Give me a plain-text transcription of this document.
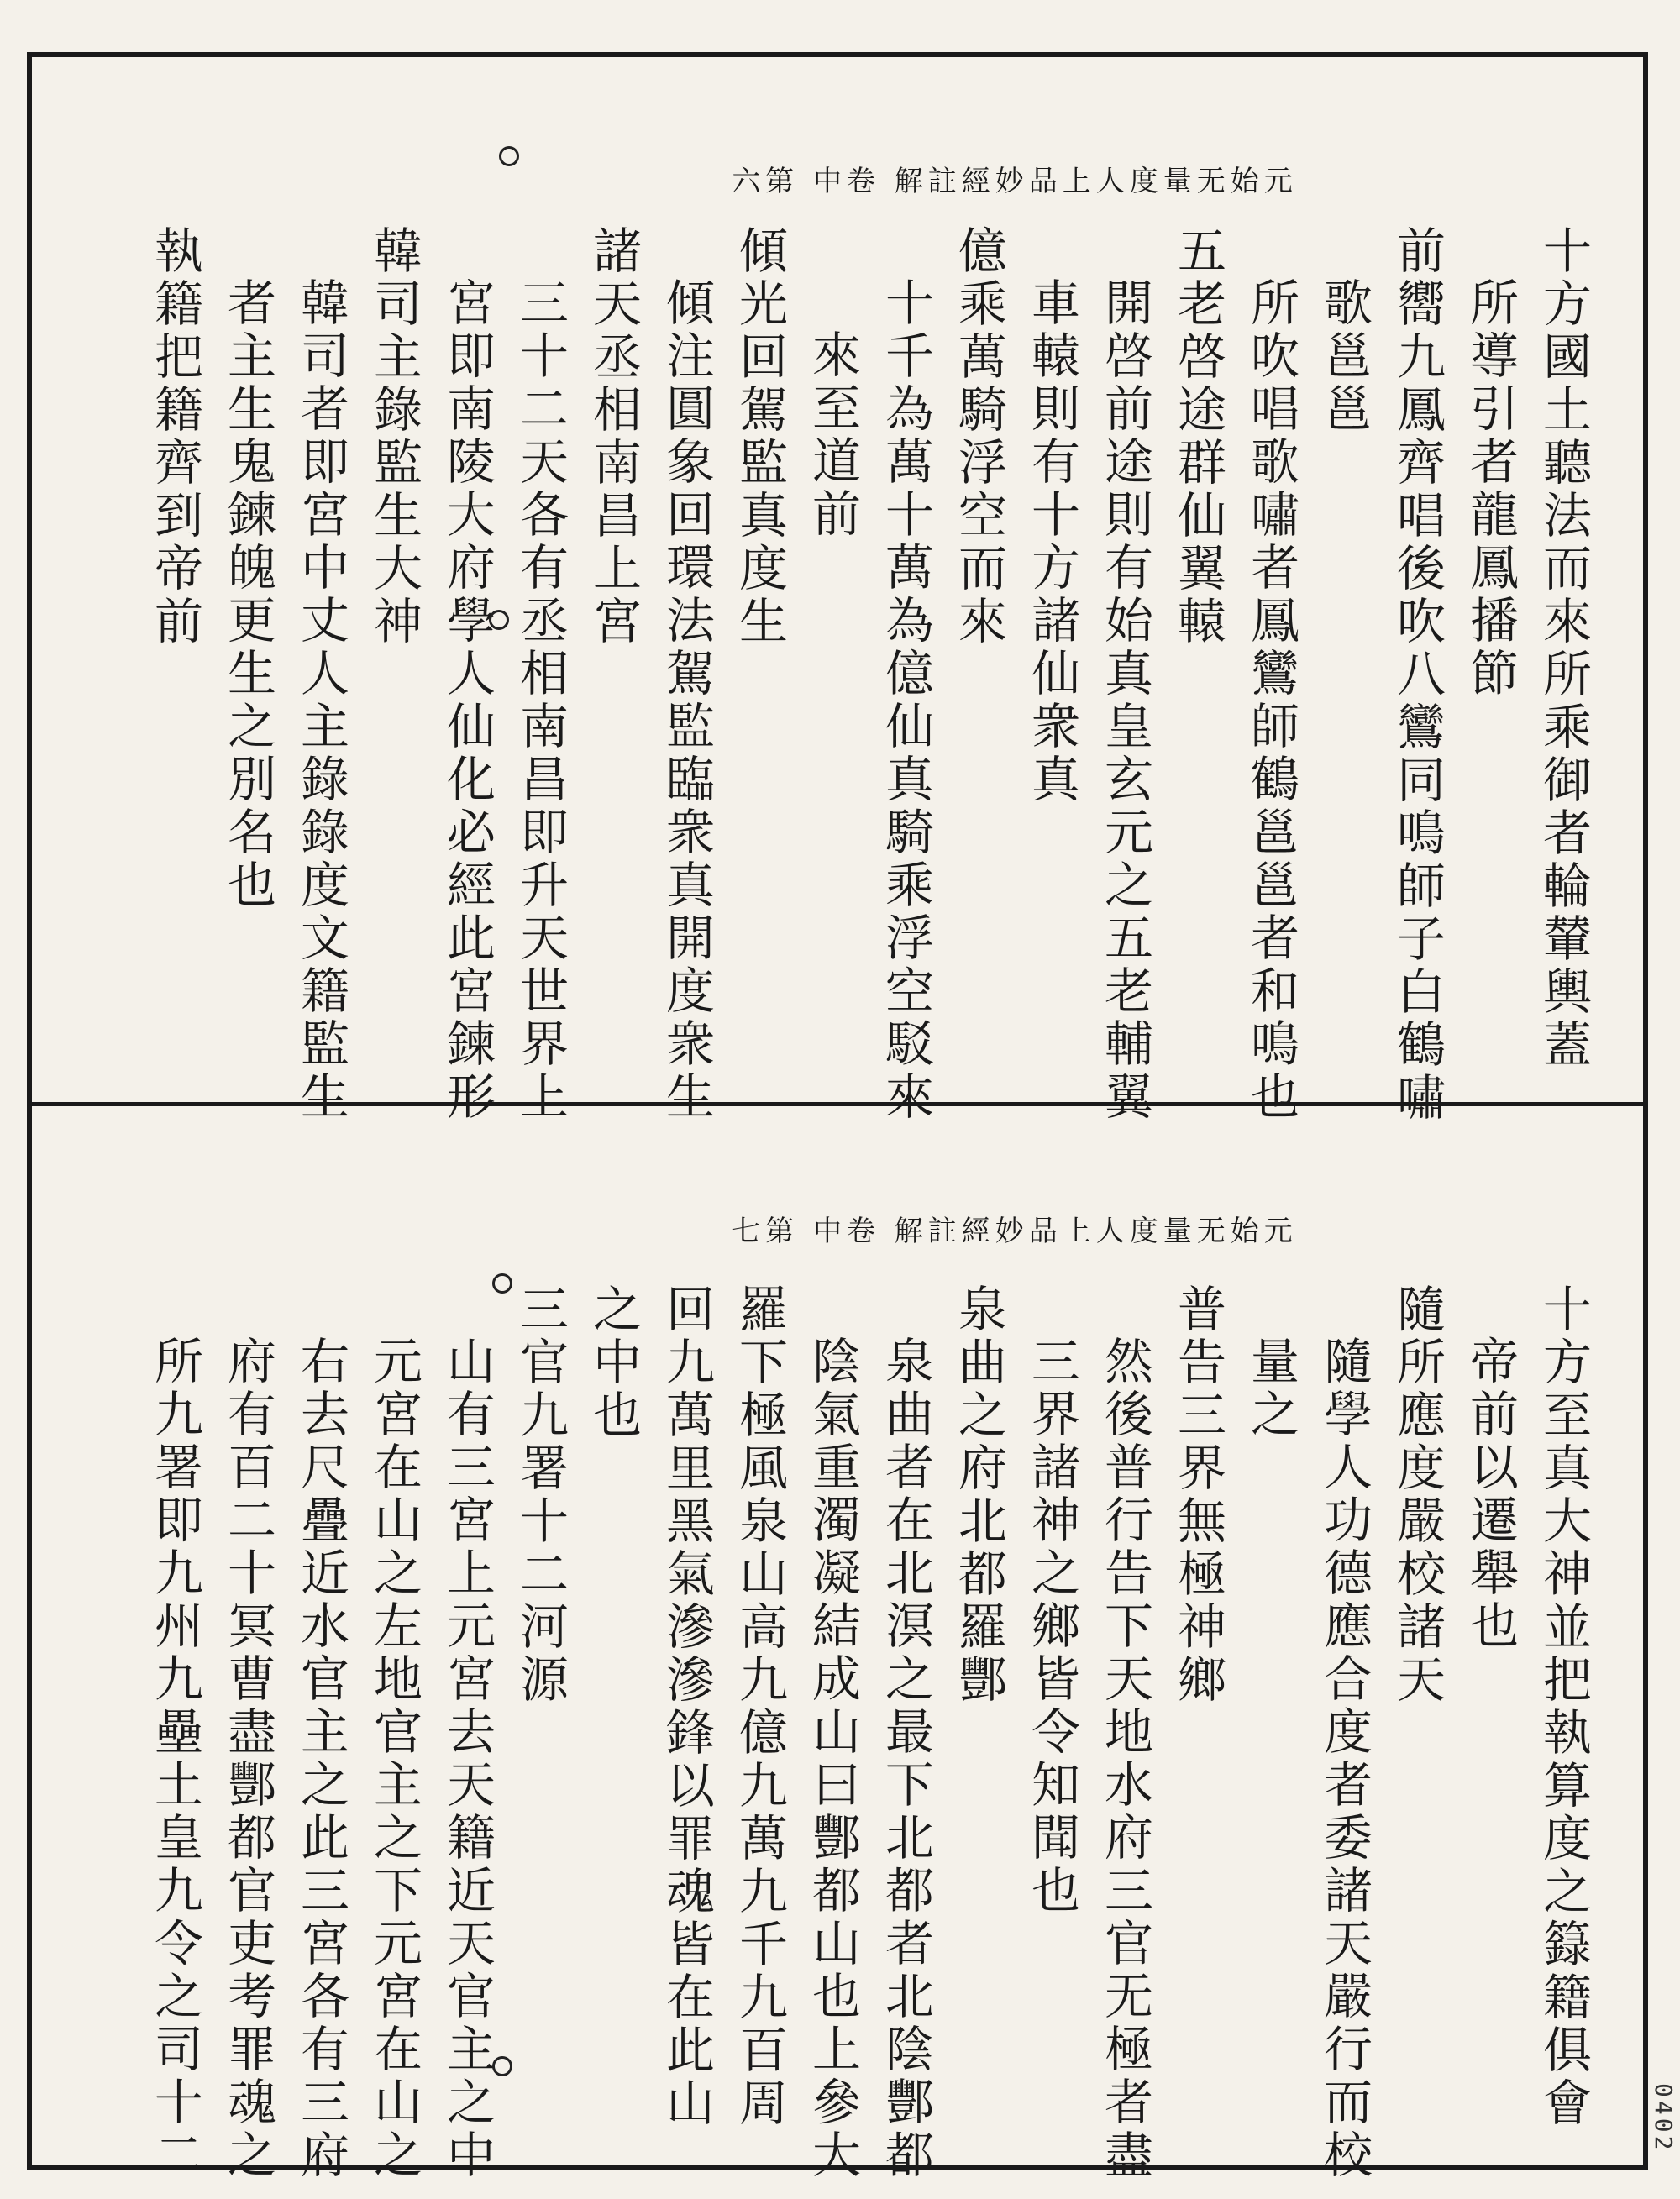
元始无量度人上品妙經註解 卷中 第六
十方國土聽法而來所乘御者輪輦輿蓋
所導引者龍鳳播節
前嚮九鳳齊唱後吹八鸞同鳴師子白鶴嘯
歌邕邕
所吹唱歌嘯者鳳鸞師鶴邕邕者和鳴也
五老啓途群仙翼轅
開啓前途則有始真皇玄元之五老輔翼
車轅則有十方諸仙衆真
億乘萬騎浮空而來
十千為萬十萬為億仙真騎乘浮空駁來
來至道前
傾光回駕監真度生
傾注圓象回環法駕監臨衆真開度衆生
諸天丞相南昌上宮
三十二天各有丞相南昌即升天世界上
宮即南陵大府學人仙化必經此宮鍊形
韓司主錄監生大神
韓司者即宮中丈人主錄錄度文籍監生
者主生鬼鍊魄更生之別名也
執籍把籍齊到帝前
元始无量度人上品妙經註解 卷中 第七
十方至真大神並把執算度之籙籍俱會
帝前以遷舉也
隨所應度嚴校諸天
隨學人功德應合度者委諸天嚴行而校
量之
普告三界無極神鄉
然後普行告下天地水府三官无極者盡
三界諸神之鄉皆令知聞也
泉曲之府北都羅酆
泉曲者在北溟之最下北都者北陰酆都
陰氣重濁凝結成山曰酆都山也上參大
羅下極風泉山高九億九萬九千九百周
回九萬里黑氣滲滲鋒以罪魂皆在此山
之中也
三官九署十二河源
山有三宮上元宮去天籍近天官主之中
元宮在山之左地官主之下元宮在山之
右去尺疊近水官主之此三宮各有三府
府有百二十冥曹盡酆都官吏考罪魂之
所九署即九州九壘土皇九令之司十二	0402
